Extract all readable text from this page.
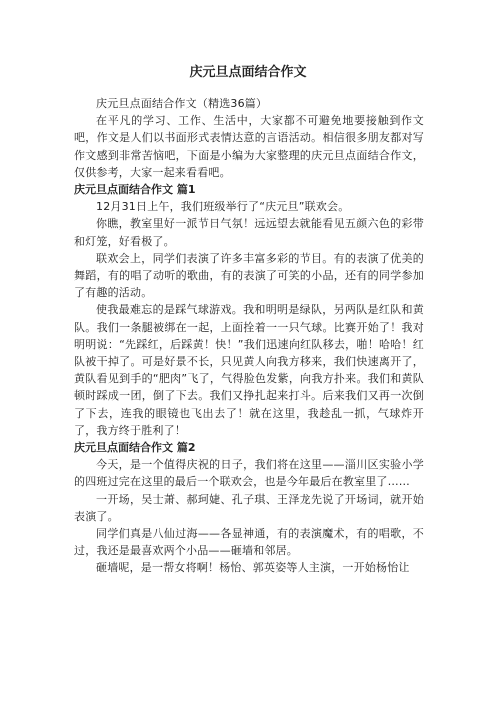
庆元旦点面结合作文

庆元旦点面结合作文（精选36篇）

在平凡的学习、工作、生活中，大家都不可避免地要接触到作文吧，作文是人们以书面形式表情达意的言语活动。相信很多朋友都对写作文感到非常苦恼吧，下面是小编为大家整理的庆元旦点面结合作文，仅供参考，大家一起来看看吧。

庆元旦点面结合作文 篇1

12月31日上午，我们班级举行了“庆元旦”联欢会。

你瞧，教室里好一派节日气氛！远远望去就能看见五颜六色的彩带和灯笼，好看极了。

联欢会上，同学们表演了许多丰富多彩的节目。有的表演了优美的舞蹈，有的唱了动听的歌曲，有的表演了可笑的小品，还有的同学参加了有趣的活动。

使我最难忘的是踩气球游戏。我和明明是绿队，另两队是红队和黄队。我们一条腿被绑在一起，上面拴着一一只气球。比赛开始了！我对明明说：“先踩红，后踩黄！快！”我们迅速向红队移去，啪！哈哈！红队被干掉了。可是好景不长，只见黄人向我方移来，我们快速离开了，黄队看见到手的“肥肉”飞了，气得脸色发紫，向我方扑来。我们和黄队顿时踩成一团，倒了下去。我们又挣扎起来打斗。后来我们又再一次倒了下去，连我的眼镜也飞出去了！就在这里，我趁乱一抓，气球炸开了，我方终于胜利了！

庆元旦点面结合作文 篇2

今天，是一个值得庆祝的日子，我们将在这里——淄川区实验小学的四班过完在这里的最后一个联欢会，也是今年最后在教室里了……

一开场，吴士萧、郝珂婕、孔子琪、王泽龙先说了开场词，就开始表演了。

同学们真是八仙过海——各显神通，有的表演魔术，有的唱歌，不过，我还是最喜欢两个小品——砸墙和邻居。

砸墙呢，是一帮女将啊！杨怡、郭英姿等人主演，一开始杨怡让
